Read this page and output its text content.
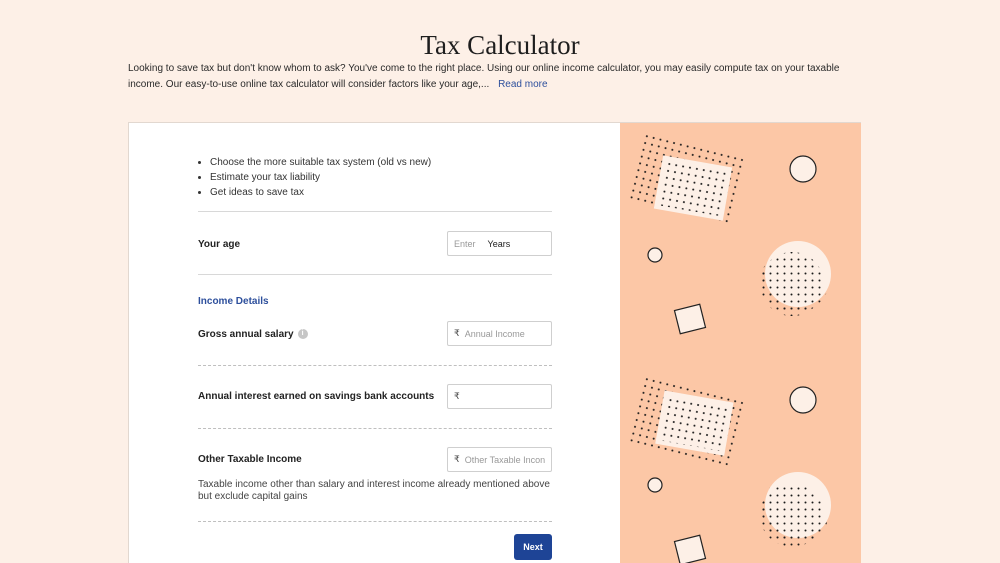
Tax Calculator

Looking to save tax but don't know whom to ask? You've come to the right place. Using our online income calculator, you may easily compute tax on your taxable income. Our easy-to-use online tax calculator will consider factors like your age,... Read more

• Choose the more suitable tax system (old vs new)
• Estimate your tax liability
• Get ideas to save tax
Your age	Enter Years
Income Details
Gross annual salary i	₹ Annual Income
Annual interest earned on savings bank accounts ₹
Other Taxable Income	₹ Other Taxable Incon
Taxable income other than salary and interest income already mentioned above but exclude capital gains
Next
